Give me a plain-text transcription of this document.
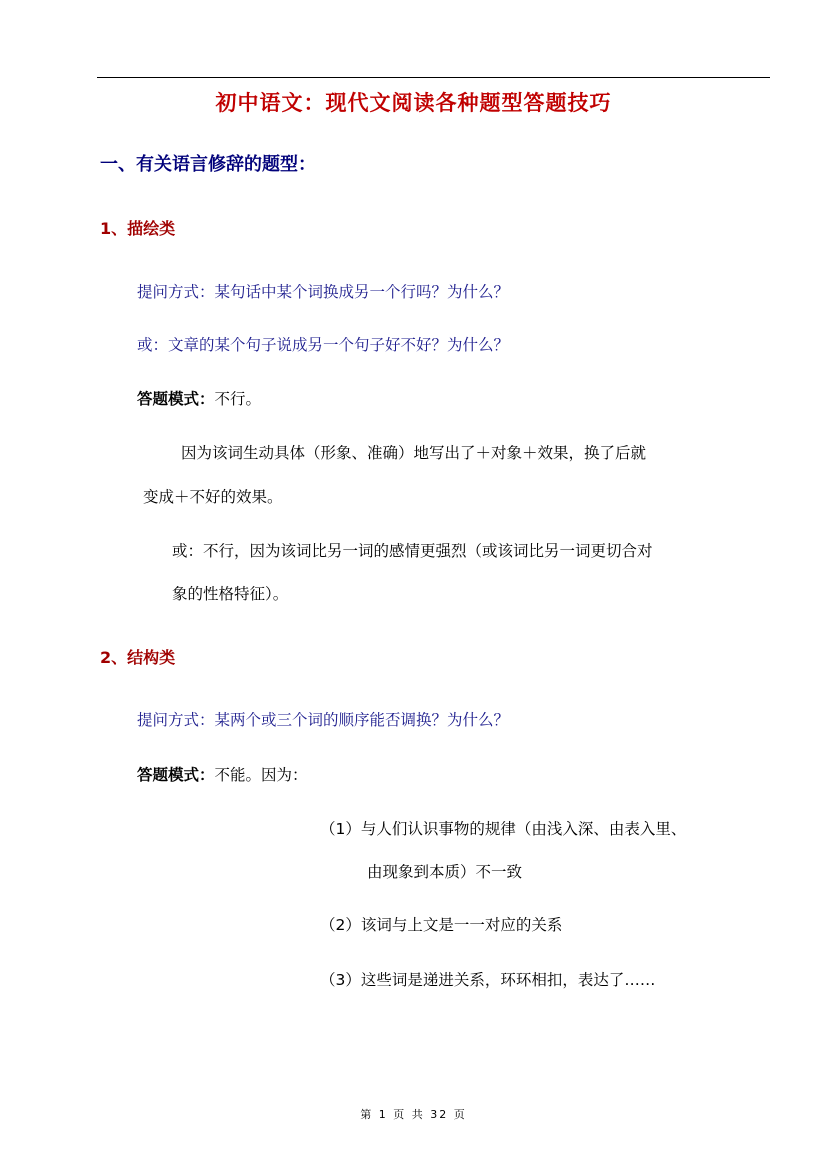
初中语文：现代文阅读各种题型答题技巧
一、有关语言修辞的题型：
1、描绘类
提问方式：某句话中某个词换成另一个行吗？为什么？
或：文章的某个句子说成另一个句子好不好？为什么？
答题模式：不行。
因为该词生动具体（形象、准确）地写出了＋对象＋效果，换了后就
变成＋不好的效果。
或：不行，因为该词比另一词的感情更强烈（或该词比另一词更切合对
象的性格特征）。
2、结构类
提问方式：某两个或三个词的顺序能否调换？为什么？
答题模式：不能。因为：
（1）与人们认识事物的规律（由浅入深、由表入里、
由现象到本质）不一致
（2）该词与上文是一一对应的关系
（3）这些词是递进关系，环环相扣，表达了……
第 1 页 共 32 页
